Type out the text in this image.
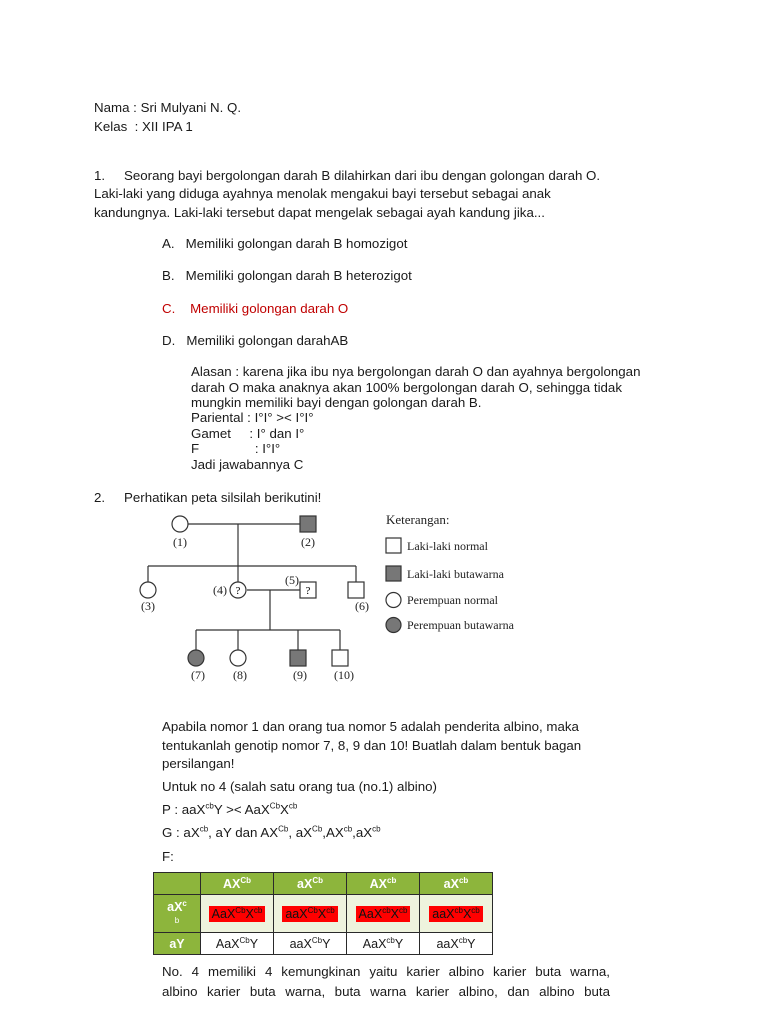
Nama : Sri Mulyani N. Q.
Kelas  : XII IPA 1
1. Seorang bayi bergolongan darah B dilahirkan dari ibu dengan golongan darah O.
Laki-laki yang diduga ayahnya menolak mengakui bayi tersebut sebagai anak
kandungnya. Laki-laki tersebut dapat mengelak sebagai ayah kandung jika...
A. Memiliki golongan darah B homozigot
B. Memiliki golongan darah B heterozigot
C. Memiliki golongan darah O
D. Memiliki golongan darahAB
Alasan : karena jika ibu nya bergolongan darah O dan ayahnya bergolongan
darah O maka anaknya akan 100% bergolongan darah O, sehingga tidak
mungkin memiliki bayi dengan golongan darah B.
Pariental : I°I° >< I°I°
Gamet     : I° dan I°
F	: I°I°
Jadi jawabannya C
2. Perhatikan peta silsilah berikutini!
?	?
(1)	(2)
(3)
(4)
(5)
(6)
(7) (8)	(9) (10)
Keterangan:
Laki-laki normal
Laki-laki butawarna
Perempuan normal
Perempuan butawarna
Apabila nomor 1 dan orang tua nomor 5 adalah penderita albino, maka
tentukanlah genotip nomor 7, 8, 9 dan 10! Buatlah dalam bentuk bagan
persilangan!
Untuk no 4 (salah satu orang tua (no.1) albino)
P : $aaX^{cb}Y >< AaX^{Cb}X^{cb}$
G : $aX^{cb}$, aY dan $AX^{Cb}$, $aX^{Cb},AX^{cb},aX^{cb}$
F:
	$AX^{Cb}$	$aX^{Cb}$	$AX^{cb}$	$aX^{cb}$
$aX^c$
b	$AaX^{Cb}X^{cb}$	$aaX^{Cb}X^{cb}$	$AaX^{cb}X^{cb}$	$aaX^{cb}X^{cb}$
aY	AaX$^{Cb}$Y	aaX$^{Cb}$Y	AaX$^{cb}$Y	aaX$^{cb}$Y
No. 4 memiliki 4 kemungkinan yaitu karier albino karier buta warna,
albino karier buta warna, buta warna karier albino, dan albino buta
